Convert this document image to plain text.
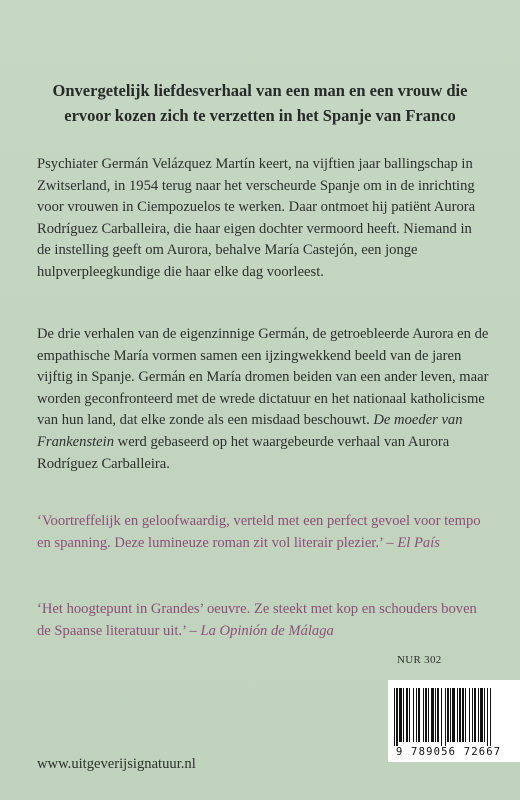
Onvergetelijk liefdesverhaal van een man en een vrouw die ervoor kozen zich te verzetten in het Spanje van Franco

Psychiater Germán Velázquez Martín keert, na vijftien jaar ballingschap in Zwitserland, in 1954 terug naar het verscheurde Spanje om in de inrichting voor vrouwen in Ciempozuelos te werken. Daar ontmoet hij patiënt Aurora Rodríguez Carballeira, die haar eigen dochter vermoord heeft. Niemand in de instelling geeft om Aurora, behalve María Castejón, een jonge hulpverpleegkundige die haar elke dag voorleest.

De drie verhalen van de eigenzinnige Germán, de getroebleerde Aurora en de empathische María vormen samen een ijzingwekkend beeld van de jaren vijftig in Spanje. Germán en María dromen beiden van een ander leven, maar worden geconfronteerd met de wrede dictatuur en het nationaal katholicisme van hun land, dat elke zonde als een misdaad beschouwt. De moeder van Frankenstein werd gebaseerd op het waargebeurde verhaal van Aurora Rodríguez Carballeira.

‘Voortreffelijk en geloofwaardig, verteld met een perfect gevoel voor tempo en spanning. Deze lumineuze roman zit vol literair plezier.’ – El País

‘Het hoogtepunt in Grandes’ oeuvre. Ze steekt met kop en schouders boven de Spaanse literatuur uit.’ – La Opinión de Málaga

NUR 302
9 789056 72667
www.uitgeverijsignatuur.nl
